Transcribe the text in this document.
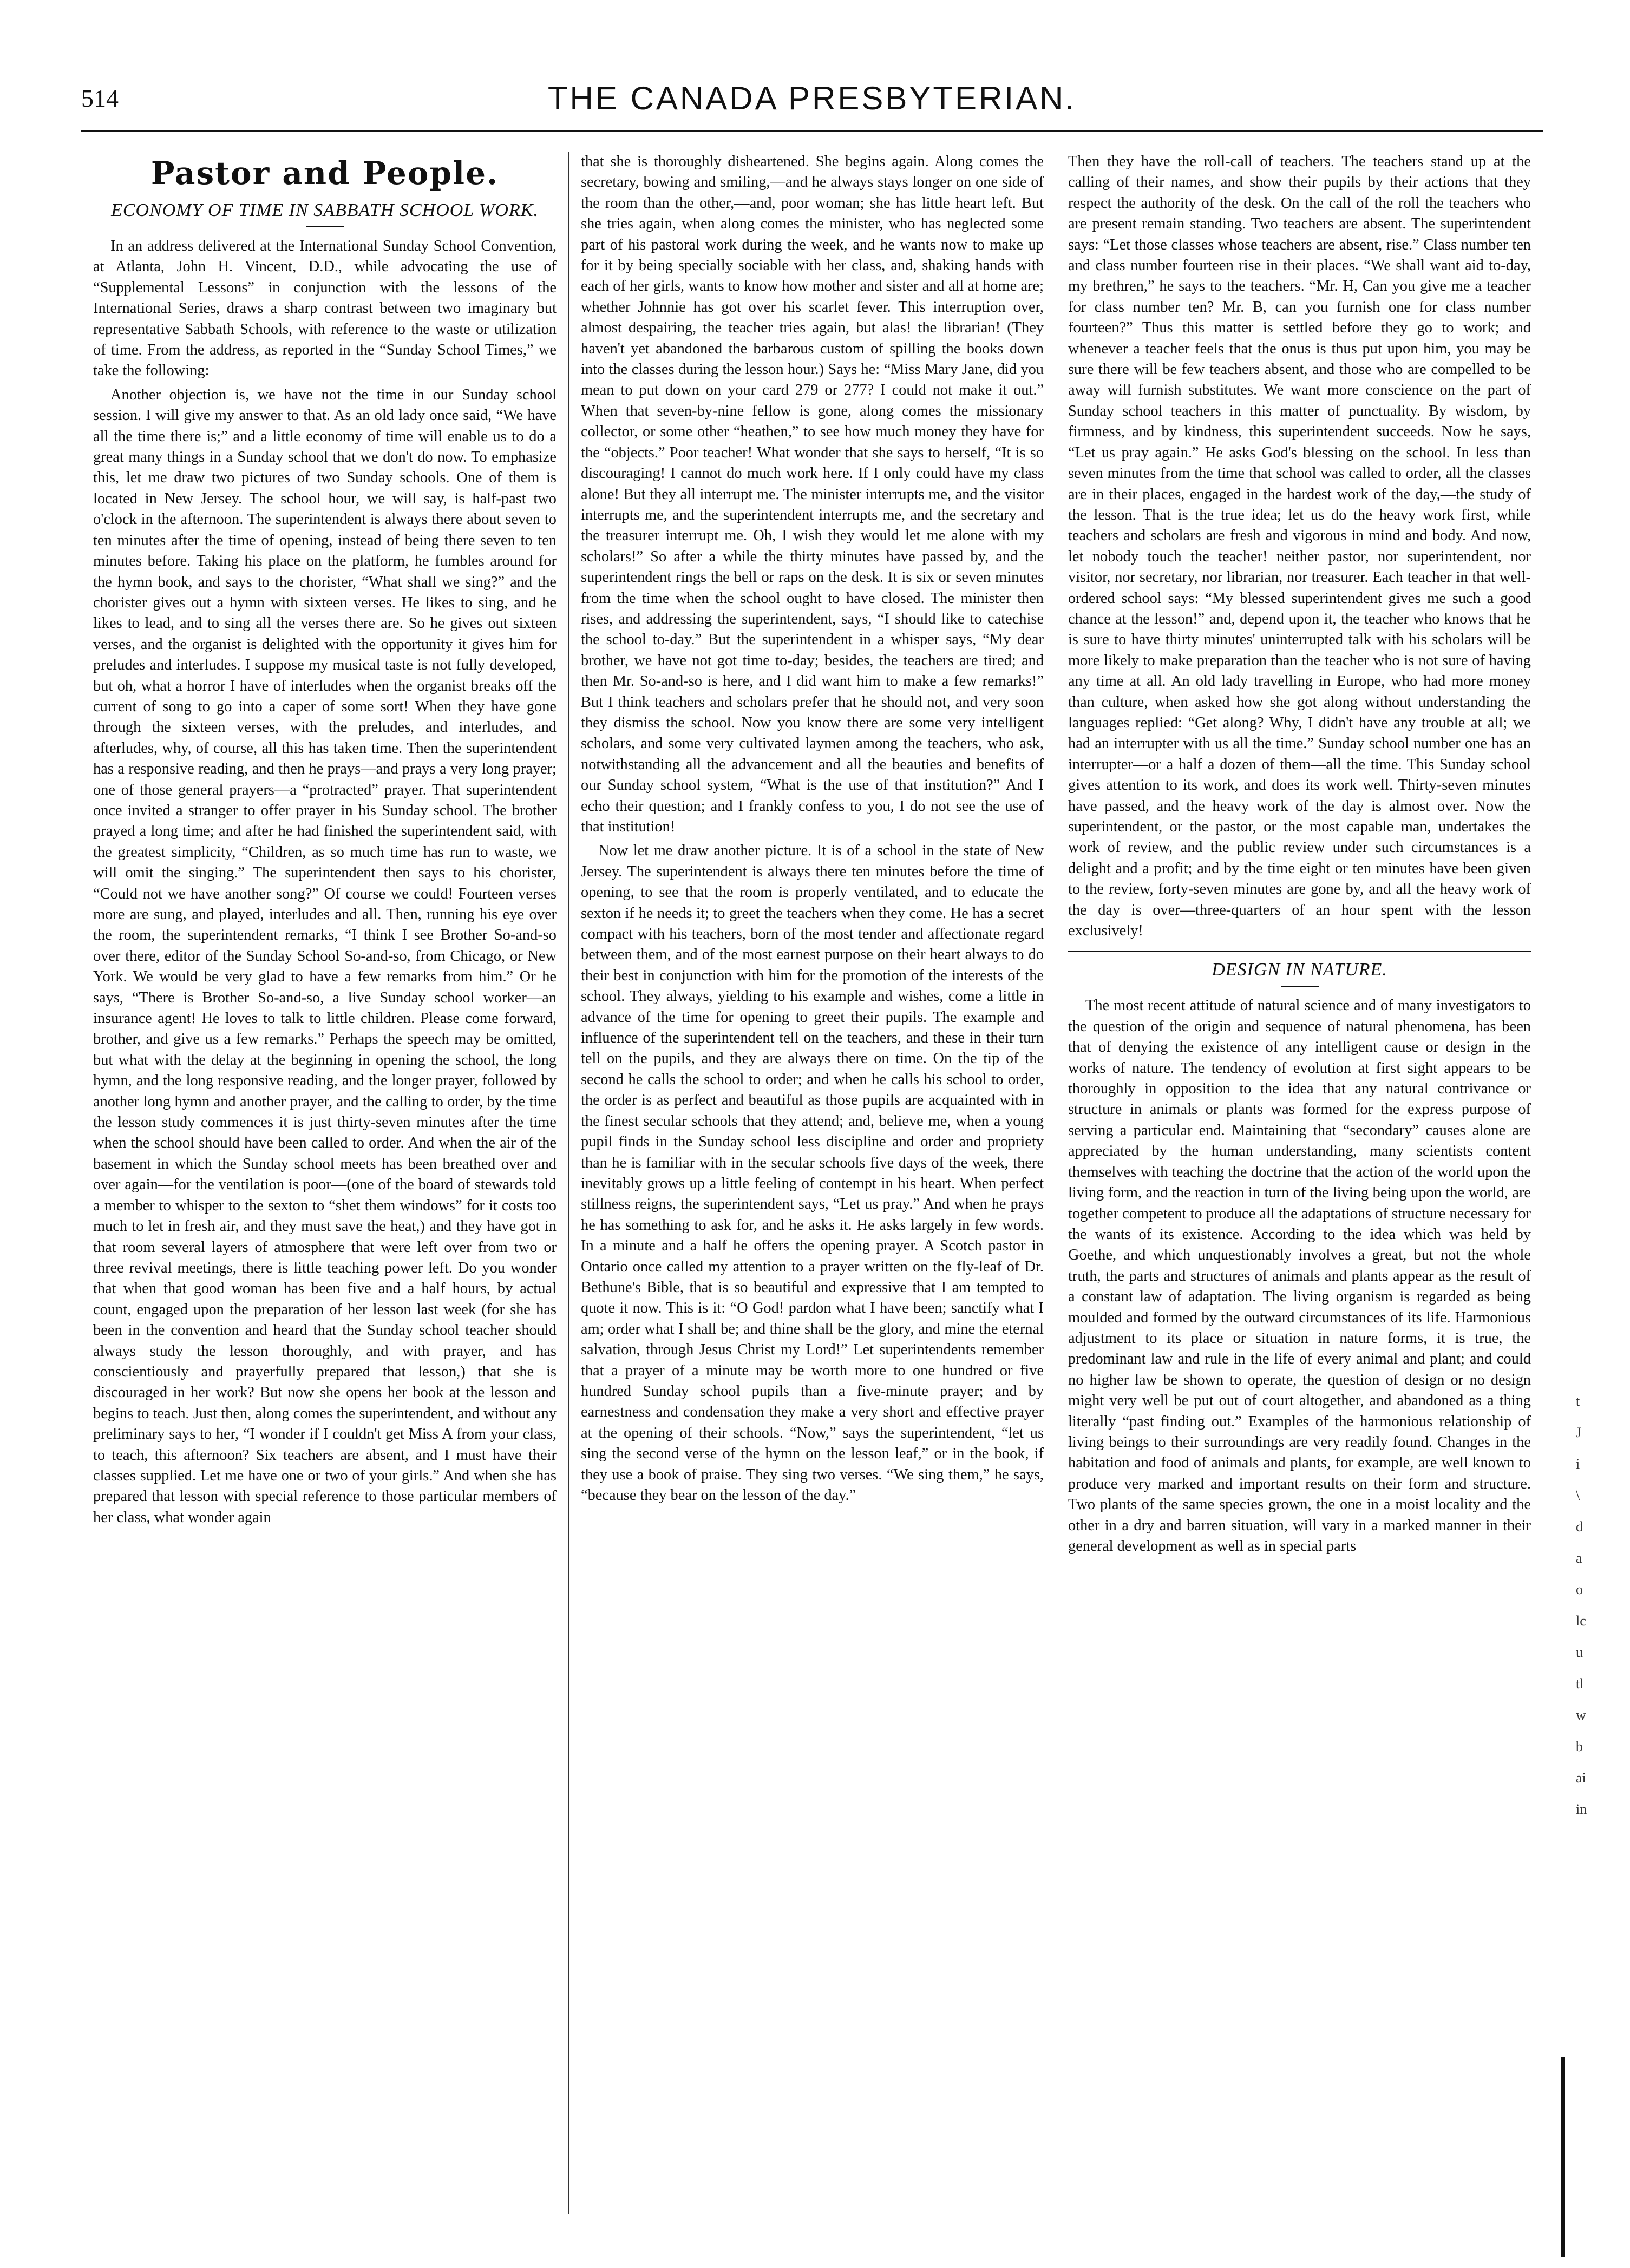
514	THE CANADA PRESBYTERIAN.
Pastor and People.
ECONOMY OF TIME IN SABBATH SCHOOL WORK.

In an address delivered at the International Sunday School Convention, at Atlanta, John H. Vincent, D.D., while advocating the use of “Supplemental Lessons” in conjunction with the lessons of the International Series, draws a sharp contrast between two imaginary but representative Sabbath Schools, with reference to the waste or utilization of time. From the address, as reported in the “Sunday School Times,” we take the following:

Another objection is, we have not the time in our Sunday school session. I will give my answer to that. As an old lady once said, “We have all the time there is;” and a little economy of time will enable us to do a great many things in a Sunday school that we don't do now. To emphasize this, let me draw two pictures of two Sunday schools. One of them is located in New Jersey. The school hour, we will say, is half-past two o'clock in the afternoon. The superintendent is always there about seven to ten minutes after the time of opening, instead of being there seven to ten minutes before. Taking his place on the platform, he fumbles around for the hymn book, and says to the chorister, “What shall we sing?” and the chorister gives out a hymn with sixteen verses. He likes to sing, and he likes to lead, and to sing all the verses there are. So he gives out sixteen verses, and the organist is delighted with the opportunity it gives him for preludes and interludes. I suppose my musical taste is not fully developed, but oh, what a horror I have of interludes when the organist breaks off the current of song to go into a caper of some sort! When they have gone through the sixteen verses, with the preludes, and interludes, and afterludes, why, of course, all this has taken time. Then the superintendent has a responsive reading, and then he prays—and prays a very long prayer; one of those general prayers—a “protracted” prayer. That superintendent once invited a stranger to offer prayer in his Sunday school. The brother prayed a long time; and after he had finished the superintendent said, with the greatest simplicity, “Children, as so much time has run to waste, we will omit the singing.” The superintendent then says to his chorister, “Could not we have another song?” Of course we could! Fourteen verses more are sung, and played, interludes and all. Then, running his eye over the room, the superintendent remarks, “I think I see Brother So-and-so over there, editor of the Sunday School So-and-so, from Chicago, or New York. We would be very glad to have a few remarks from him.” Or he says, “There is Brother So-and-so, a live Sunday school worker—an insurance agent! He loves to talk to little children. Please come forward, brother, and give us a few remarks.” Perhaps the speech may be omitted, but what with the delay at the beginning in opening the school, the long hymn, and the long responsive reading, and the longer prayer, followed by another long hymn and another prayer, and the calling to order, by the time the lesson study commences it is just thirty-seven minutes after the time when the school should have been called to order. And when the air of the basement in which the Sunday school meets has been breathed over and over again—for the ventilation is poor—(one of the board of stewards told a member to whisper to the sexton to “shet them windows” for it costs too much to let in fresh air, and they must save the heat,) and they have got in that room several layers of atmosphere that were left over from two or three revival meetings, there is little teaching power left. Do you wonder that when that good woman has been five and a half hours, by actual count, engaged upon the preparation of her lesson last week (for she has been in the convention and heard that the Sunday school teacher should always study the lesson thoroughly, and with prayer, and has conscientiously and prayerfully prepared that lesson,) that she is discouraged in her work? But now she opens her book at the lesson and begins to teach. Just then, along comes the superintendent, and without any preliminary says to her, “I wonder if I couldn't get Miss A from your class, to teach, this afternoon? Six teachers are absent, and I must have their classes supplied. Let me have one or two of your girls.” And when she has prepared that lesson with special reference to those particular members of her class, what wonder again

that she is thoroughly disheartened. She begins again. Along comes the secretary, bowing and smiling,—and he always stays longer on one side of the room than the other,—and, poor woman; she has little heart left. But she tries again, when along comes the minister, who has neglected some part of his pastoral work during the week, and he wants now to make up for it by being specially sociable with her class, and, shaking hands with each of her girls, wants to know how mother and sister and all at home are; whether Johnnie has got over his scarlet fever. This interruption over, almost despairing, the teacher tries again, but alas! the librarian! (They haven't yet abandoned the barbarous custom of spilling the books down into the classes during the lesson hour.) Says he: “Miss Mary Jane, did you mean to put down on your card 279 or 277? I could not make it out.” When that seven-by-nine fellow is gone, along comes the missionary collector, or some other “heathen,” to see how much money they have for the “objects.” Poor teacher! What wonder that she says to herself, “It is so discouraging! I cannot do much work here. If I only could have my class alone! But they all interrupt me. The minister interrupts me, and the visitor interrupts me, and the superintendent interrupts me, and the secretary and the treasurer interrupt me. Oh, I wish they would let me alone with my scholars!” So after a while the thirty minutes have passed by, and the superintendent rings the bell or raps on the desk. It is six or seven minutes from the time when the school ought to have closed. The minister then rises, and addressing the superintendent, says, “I should like to catechise the school to-day.” But the superintendent in a whisper says, “My dear brother, we have not got time to-day; besides, the teachers are tired; and then Mr. So-and-so is here, and I did want him to make a few remarks!” But I think teachers and scholars prefer that he should not, and very soon they dismiss the school. Now you know there are some very intelligent scholars, and some very cultivated laymen among the teachers, who ask, notwithstanding all the advancement and all the beauties and benefits of our Sunday school system, “What is the use of that institution?” And I echo their question; and I frankly confess to you, I do not see the use of that institution!

Now let me draw another picture. It is of a school in the state of New Jersey. The superintendent is always there ten minutes before the time of opening, to see that the room is properly ventilated, and to educate the sexton if he needs it; to greet the teachers when they come. He has a secret compact with his teachers, born of the most tender and affectionate regard between them, and of the most earnest purpose on their heart always to do their best in conjunction with him for the promotion of the interests of the school. They always, yielding to his example and wishes, come a little in advance of the time for opening to greet their pupils. The example and influence of the superintendent tell on the teachers, and these in their turn tell on the pupils, and they are always there on time. On the tip of the second he calls the school to order; and when he calls his school to order, the order is as perfect and beautiful as those pupils are acquainted with in the finest secular schools that they attend; and, believe me, when a young pupil finds in the Sunday school less discipline and order and propriety than he is familiar with in the secular schools five days of the week, there inevitably grows up a little feeling of contempt in his heart. When perfect stillness reigns, the superintendent says, “Let us pray.” And when he prays he has something to ask for, and he asks it. He asks largely in few words. In a minute and a half he offers the opening prayer. A Scotch pastor in Ontario once called my attention to a prayer written on the fly-leaf of Dr. Bethune's Bible, that is so beautiful and expressive that I am tempted to quote it now. This is it: “O God! pardon what I have been; sanctify what I am; order what I shall be; and thine shall be the glory, and mine the eternal salvation, through Jesus Christ my Lord!” Let superintendents remember that a prayer of a minute may be worth more to one hundred or five hundred Sunday school pupils than a five-minute prayer; and by earnestness and condensation they make a very short and effective prayer at the opening of their schools. “Now,” says the superintendent, “let us sing the second verse of the hymn on the lesson leaf,” or in the book, if they use a book of praise. They sing two verses. “We sing them,” he says, “because they bear on the lesson of the day.”

Then they have the roll-call of teachers. The teachers stand up at the calling of their names, and show their pupils by their actions that they respect the authority of the desk. On the call of the roll the teachers who are present remain standing. Two teachers are absent. The superintendent says: “Let those classes whose teachers are absent, rise.” Class number ten and class number fourteen rise in their places. “We shall want aid to-day, my brethren,” he says to the teachers. “Mr. H, Can you give me a teacher for class number ten? Mr. B, can you furnish one for class number fourteen?” Thus this matter is settled before they go to work; and whenever a teacher feels that the onus is thus put upon him, you may be sure there will be few teachers absent, and those who are compelled to be away will furnish substitutes. We want more conscience on the part of Sunday school teachers in this matter of punctuality. By wisdom, by firmness, and by kindness, this superintendent succeeds. Now he says, “Let us pray again.” He asks God's blessing on the school. In less than seven minutes from the time that school was called to order, all the classes are in their places, engaged in the hardest work of the day,—the study of the lesson. That is the true idea; let us do the heavy work first, while teachers and scholars are fresh and vigorous in mind and body. And now, let nobody touch the teacher! neither pastor, nor superintendent, nor visitor, nor secretary, nor librarian, nor treasurer. Each teacher in that well-ordered school says: “My blessed superintendent gives me such a good chance at the lesson!” and, depend upon it, the teacher who knows that he is sure to have thirty minutes' uninterrupted talk with his scholars will be more likely to make preparation than the teacher who is not sure of having any time at all. An old lady travelling in Europe, who had more money than culture, when asked how she got along without understanding the languages replied: “Get along? Why, I didn't have any trouble at all; we had an interrupter with us all the time.” Sunday school number one has an interrupter—or a half a dozen of them—all the time. This Sunday school gives attention to its work, and does its work well. Thirty-seven minutes have passed, and the heavy work of the day is almost over. Now the superintendent, or the pastor, or the most capable man, undertakes the work of review, and the public review under such circumstances is a delight and a profit; and by the time eight or ten minutes have been given to the review, forty-seven minutes are gone by, and all the heavy work of the day is over—three-quarters of an hour spent with the lesson exclusively!

DESIGN IN NATURE.

The most recent attitude of natural science and of many investigators to the question of the origin and sequence of natural phenomena, has been that of denying the existence of any intelligent cause or design in the works of nature. The tendency of evolution at first sight appears to be thoroughly in opposition to the idea that any natural contrivance or structure in animals or plants was formed for the express purpose of serving a particular end. Maintaining that “secondary” causes alone are appreciated by the human understanding, many scientists content themselves with teaching the doctrine that the action of the world upon the living form, and the reaction in turn of the living being upon the world, are together competent to produce all the adaptations of structure necessary for the wants of its existence. According to the idea which was held by Goethe, and which unquestionably involves a great, but not the whole truth, the parts and structures of animals and plants appear as the result of a constant law of adaptation. The living organism is regarded as being moulded and formed by the outward circumstances of its life. Harmonious adjustment to its place or situation in nature forms, it is true, the predominant law and rule in the life of every animal and plant; and could no higher law be shown to operate, the question of design or no design might very well be put out of court altogether, and abandoned as a thing literally “past finding out.” Examples of the harmonious relationship of living beings to their surroundings are very readily found. Changes in the habitation and food of animals and plants, for example, are well known to produce very marked and important results on their form and structure. Two plants of the same species grown, the one in a moist locality and the other in a dry and barren situation, will vary in a marked manner in their general development as well as in special parts

t
J
i
\
d
a
o
lc
u
tl
w
b
ai
in
